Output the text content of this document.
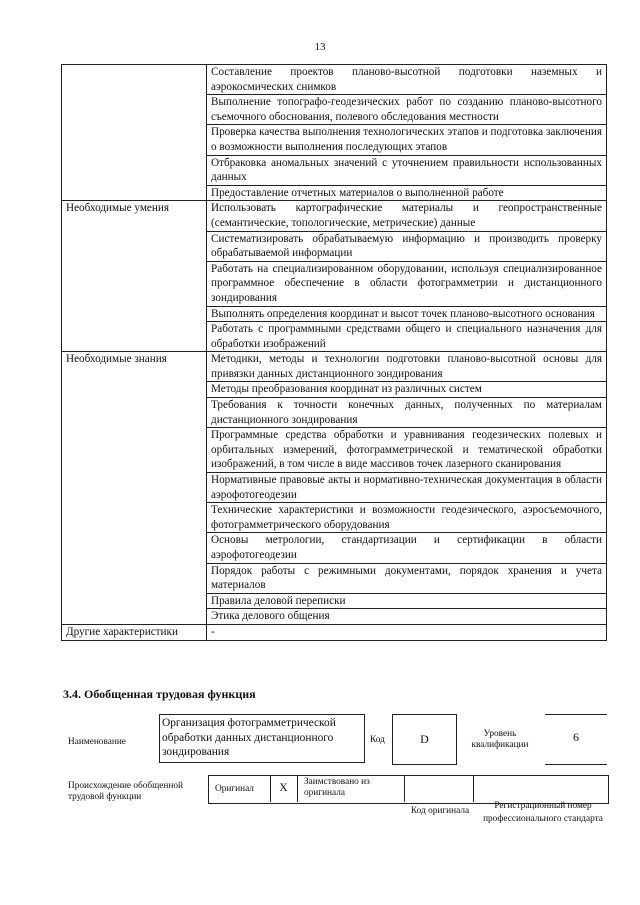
13
	Составление проектов планово-высотной подготовки наземных и аэрокосмических снимков
	Выполнение топографо-геодезических работ по созданию планово-высотного съемочного обоснования, полевого обследования местности
	Проверка качества выполнения технологических этапов и подготовка заключения о возможности выполнения последующих этапов
	Отбраковка аномальных значений с уточнением правильности использованных данных
	Предоставление отчетных материалов о выполненной работе
Необходимые умения	Использовать картографические материалы и геопространственные (семантические, топологические, метрические) данные
	Систематизировать обрабатываемую информацию и производить проверку обрабатываемой информации
	Работать на специализированном оборудовании, используя специализированное программное обеспечение в области фотограмметрии и дистанционного зондирования
	Выполнять определения координат и высот точек планово-высотного основания
	Работать с программными средствами общего и специального назначения для обработки изображений
Необходимые знания	Методики, методы и технологии подготовки планово-высотной основы для привязки данных дистанционного зондирования
	Методы преобразования координат из различных систем
	Требования к точности конечных данных, полученных по материалам дистанционного зондирования
	Программные средства обработки и уравнивания геодезических полевых и орбитальных измерений, фотограмметрической и тематической обработки изображений, в том числе в виде массивов точек лазерного сканирования
	Нормативные правовые акты и нормативно-техническая документация в области аэрофотогеодезии
	Технические характеристики и возможности геодезического, аэросъемочного, фотограмметрического оборудования
	Основы метрологии, стандартизации и сертификации в области аэрофотогеодезии
	Порядок работы с режимными документами, порядок хранения и учета материалов
	Правила деловой переписки
	Этика делового общения
Другие характеристики	-
3.4. Обобщенная трудовая функция
Наименование
Организация фотограмметрической обработки данных дистанционного зондирования
Код	D	Уровень квалификации
6
Происхождение обобщенной трудовой функции
Оригинал	X	Заимствовано из оригинала
Код оригинала	Регистрационный номер профессионального стандарта
